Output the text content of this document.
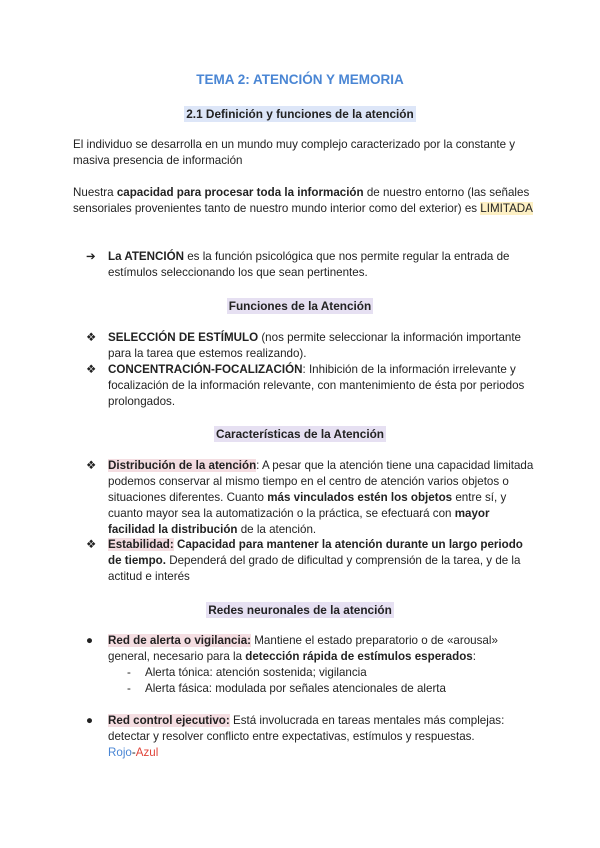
TEMA 2: ATENCIÓN Y MEMORIA
2.1 Definición y funciones de la atención
El individuo se desarrolla en un mundo muy complejo caracterizado por la constante y masiva presencia de información
Nuestra capacidad para procesar toda la información de nuestro entorno (las señales sensoriales provenientes tanto de nuestro mundo interior como del exterior) es LIMITADA
➔	La ATENCIÓN es la función psicológica que nos permite regular la entrada de estímulos seleccionando los que sean pertinentes.
Funciones de la Atención
❖ SELECCIÓN DE ESTÍMULO (nos permite seleccionar la información importante para la tarea que estemos realizando).
❖ CONCENTRACIÓN-FOCALIZACIÓN: Inhibición de la información irrelevante y focalización de la información relevante, con mantenimiento de ésta por periodos prolongados.
Características de la Atención
❖ Distribución de la atención: A pesar que la atención tiene una capacidad limitada podemos conservar al mismo tiempo en el centro de atención varios objetos o situaciones diferentes. Cuanto más vinculados estén los objetos entre sí, y cuanto mayor sea la automatización o la práctica, se efectuará con mayor facilidad la distribución de la atención.
❖ Estabilidad: Capacidad para mantener la atención durante un largo periodo de tiempo. Dependerá del grado de dificultad y comprensión de la tarea, y de la actitud e interés
Redes neuronales de la atención
●	Red de alerta o vigilancia: Mantiene el estado preparatorio o de «arousal» general, necesario para la detección rápida de estímulos esperados:
- Alerta tónica: atención sostenida; vigilancia
- Alerta fásica: modulada por señales atencionales de alerta
●	Red control ejecutivo: Está involucrada en tareas mentales más complejas: detectar y resolver conflicto entre expectativas, estímulos y respuestas.
Rojo-Azul
